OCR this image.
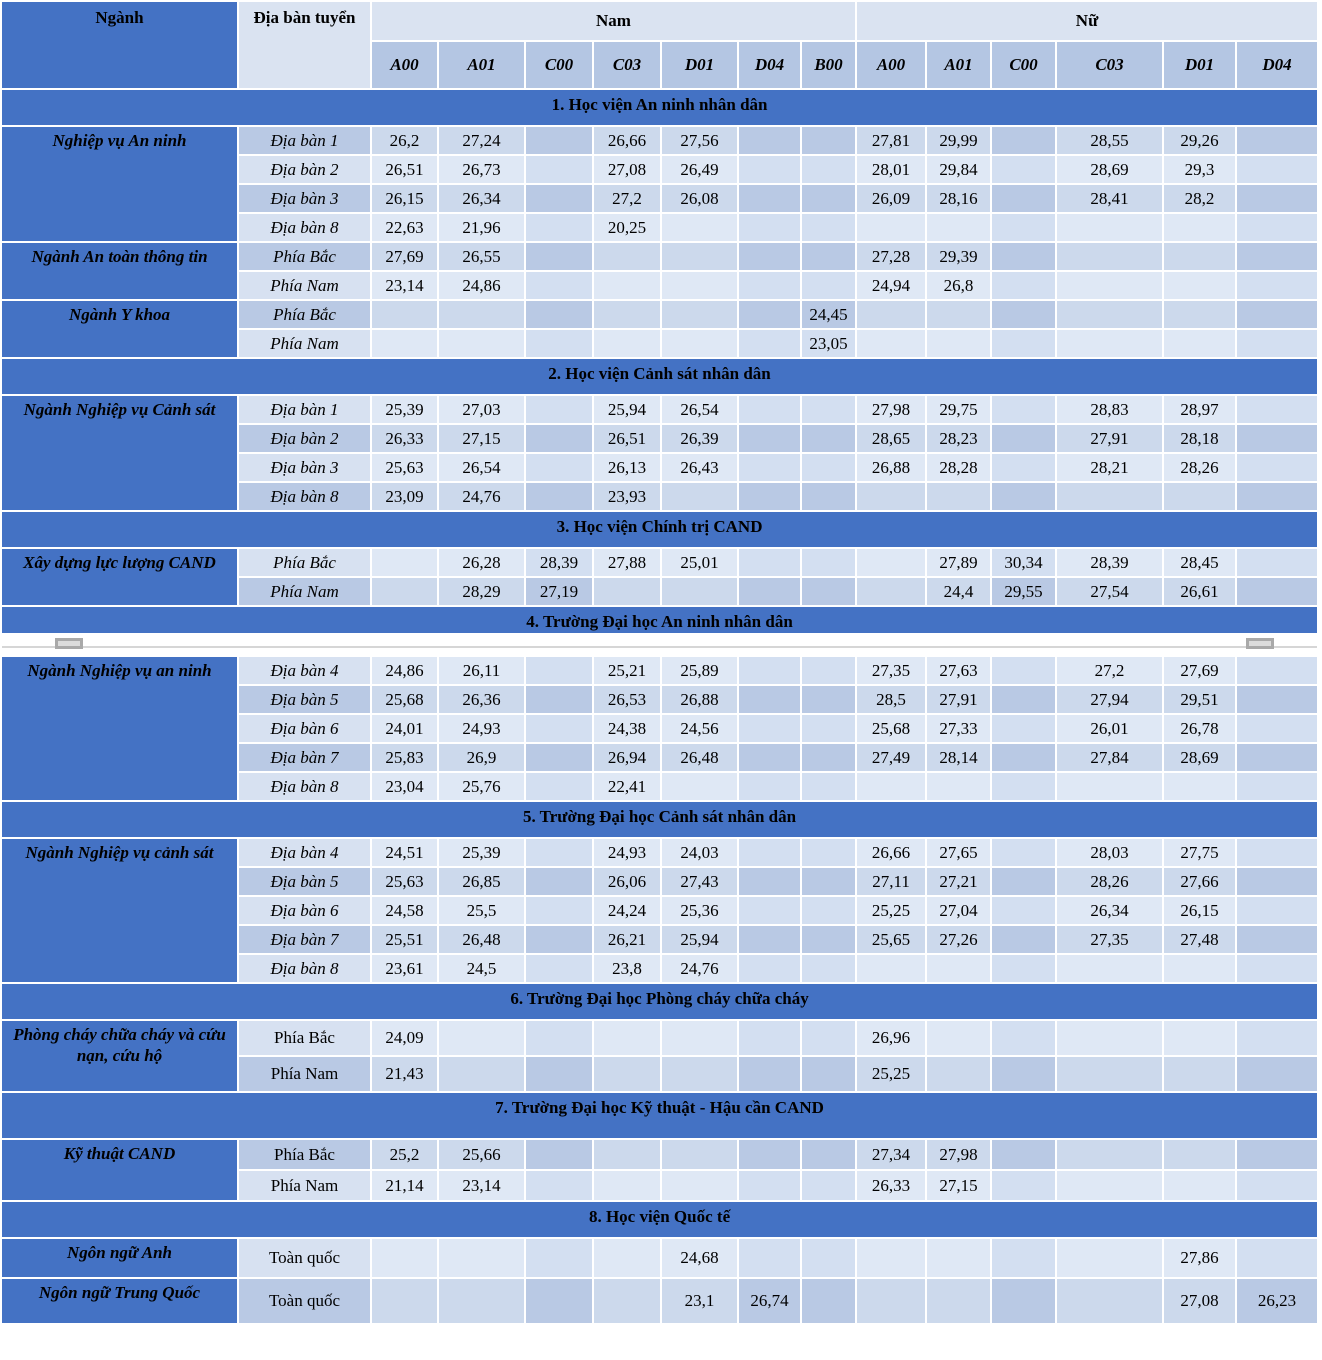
Ngành	Địa bàn tuyển	Nam							Nữ					
		A00	A01	C00	C03	D01	D04	B00	A00	A01	C00	C03	D01	D04
1. Học viện An ninh nhân dân														
Nghiệp vụ An ninh	Địa bàn 1	26,2	27,24		26,66	27,56			27,81	29,99		28,55	29,26	
	Địa bàn 2	26,51	26,73		27,08	26,49			28,01	29,84		28,69	29,3	
	Địa bàn 3	26,15	26,34		27,2	26,08			26,09	28,16		28,41	28,2	
	Địa bàn 8	22,63	21,96		20,25									
Ngành An toàn thông tin	Phía Bắc	27,69	26,55						27,28	29,39				
	Phía Nam	23,14	24,86						24,94	26,8				
Ngành Y khoa	Phía Bắc							24,45						
	Phía Nam							23,05						
2. Học viện Cảnh sát nhân dân														
Ngành Nghiệp vụ Cảnh sát	Địa bàn 1	25,39	27,03		25,94	26,54			27,98	29,75		28,83	28,97	
	Địa bàn 2	26,33	27,15		26,51	26,39			28,65	28,23		27,91	28,18	
	Địa bàn 3	25,63	26,54		26,13	26,43			26,88	28,28		28,21	28,26	
	Địa bàn 8	23,09	24,76		23,93									
3. Học viện Chính trị CAND														
Xây dựng lực lượng CAND	Phía Bắc		26,28	28,39	27,88	25,01				27,89	30,34	28,39	28,45	
	Phía Nam		28,29	27,19						24,4	29,55	27,54	26,61	
4. Trường Đại học An ninh nhân dân														

Ngành Nghiệp vụ an ninh	Địa bàn 4	24,86	26,11		25,21	25,89			27,35	27,63		27,2	27,69	
	Địa bàn 5	25,68	26,36		26,53	26,88			28,5	27,91		27,94	29,51	
	Địa bàn 6	24,01	24,93		24,38	24,56			25,68	27,33		26,01	26,78	
	Địa bàn 7	25,83	26,9		26,94	26,48			27,49	28,14		27,84	28,69	
	Địa bàn 8	23,04	25,76		22,41									
5. Trường Đại học Cảnh sát nhân dân														
Ngành Nghiệp vụ cảnh sát	Địa bàn 4	24,51	25,39		24,93	24,03			26,66	27,65		28,03	27,75	
	Địa bàn 5	25,63	26,85		26,06	27,43			27,11	27,21		28,26	27,66	
	Địa bàn 6	24,58	25,5		24,24	25,36			25,25	27,04		26,34	26,15	
	Địa bàn 7	25,51	26,48		26,21	25,94			25,65	27,26		27,35	27,48	
	Địa bàn 8	23,61	24,5		23,8	24,76								
6. Trường Đại học Phòng cháy chữa cháy														
Phòng cháy chữa cháy và cứu nạn, cứu hộ	Phía Bắc	24,09							26,96					
	Phía Nam	21,43							25,25					
7. Trường Đại học Kỹ thuật - Hậu cần CAND														
Kỹ thuật CAND	Phía Bắc	25,2	25,66						27,34	27,98				
	Phía Nam	21,14	23,14						26,33	27,15				
8. Học viện Quốc tế														
Ngôn ngữ Anh	Toàn quốc					24,68							27,86	
Ngôn ngữ Trung Quốc	Toàn quốc					23,1	26,74						27,08	26,23
